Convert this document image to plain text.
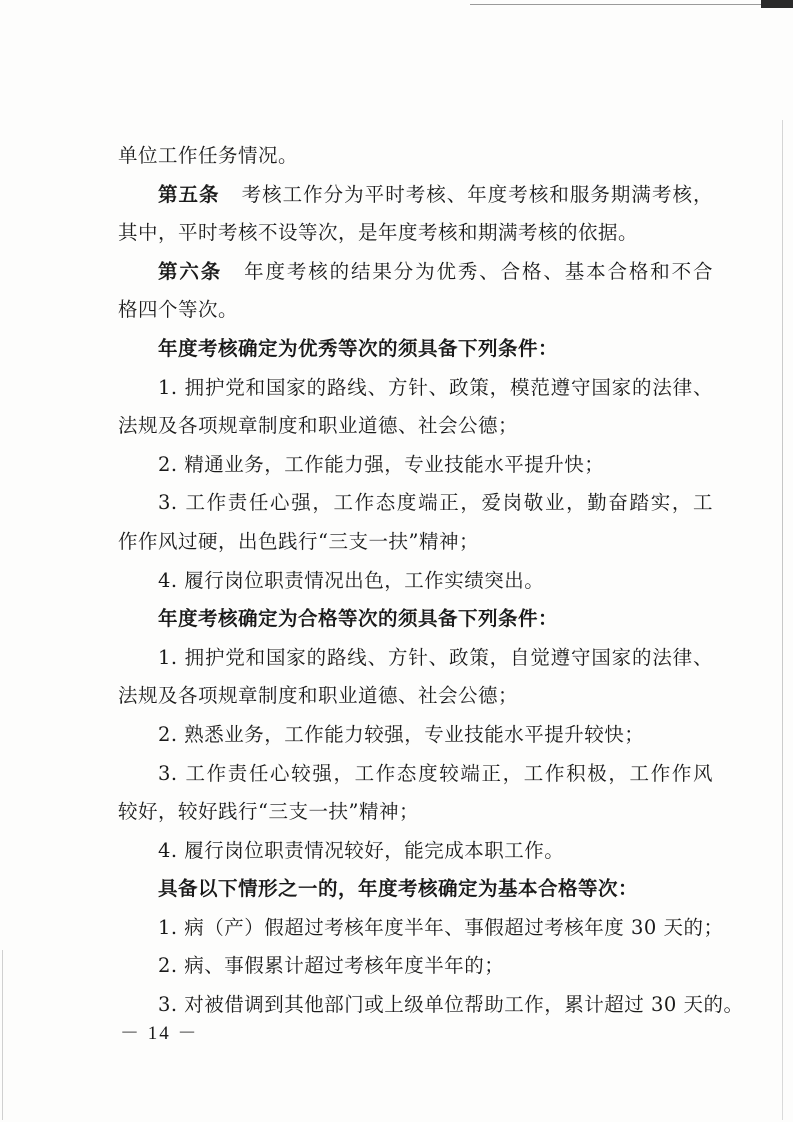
单位工作任务情况。
第五条 考核工作分为平时考核、年度考核和服务期满考核，
其中，平时考核不设等次，是年度考核和期满考核的依据。
第六条 年度考核的结果分为优秀、合格、基本合格和不合
格四个等次。
年度考核确定为优秀等次的须具备下列条件：
1. 拥护党和国家的路线、方针、政策，模范遵守国家的法律、
法规及各项规章制度和职业道德、社会公德；
2. 精通业务，工作能力强，专业技能水平提升快；
3. 工作责任心强，工作态度端正，爱岗敬业，勤奋踏实，工
作作风过硬，出色践行“三支一扶”精神；
4. 履行岗位职责情况出色，工作实绩突出。
年度考核确定为合格等次的须具备下列条件：
1. 拥护党和国家的路线、方针、政策，自觉遵守国家的法律、
法规及各项规章制度和职业道德、社会公德；
2. 熟悉业务，工作能力较强，专业技能水平提升较快；
3. 工作责任心较强，工作态度较端正，工作积极，工作作风
较好，较好践行“三支一扶”精神；
4. 履行岗位职责情况较好，能完成本职工作。
具备以下情形之一的，年度考核确定为基本合格等次：
1. 病（产）假超过考核年度半年、事假超过考核年度 30 天的；
2. 病、事假累计超过考核年度半年的；
3. 对被借调到其他部门或上级单位帮助工作，累计超过 30 天的。
－ 14 －
